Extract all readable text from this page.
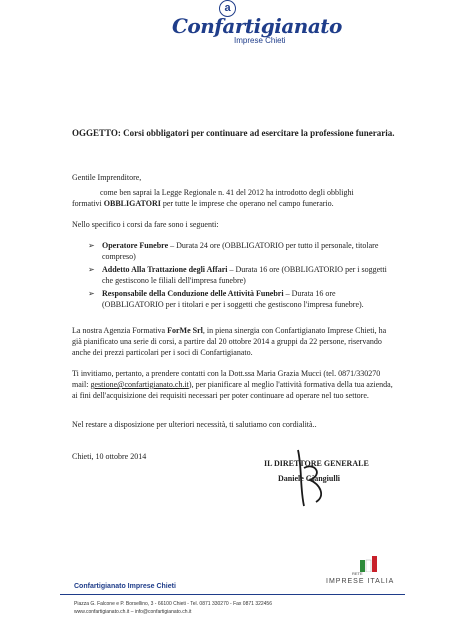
a
Confartigianato
Imprese Chieti
OGGETTO: Corsi obbligatori per continuare ad esercitare la professione funeraria.
Gentile Imprenditore,
come ben saprai la Legge Regionale n. 41 del 2012 ha introdotto degli obblighi
formativi OBBLIGATORI per tutte le imprese che operano nel campo funerario.
Nello specifico i corsi da fare sono i seguenti:
➢ Operatore Funebre – Durata 24 ore (OBBLIGATORIO per tutto il personale, titolare compreso)
➢ Addetto Alla Trattazione degli Affari – Durata 16 ore (OBBLIGATORIO per i soggetti che gestiscono le filiali dell'impresa funebre)
➢ Responsabile della Conduzione delle Attività Funebri – Durata 16 ore (OBBLIGATORIO per i titolari e per i soggetti che gestiscono l'impresa funebre).
La nostra Agenzia Formativa ForMe Srl, in piena sinergia con Confartigianato Imprese Chieti, ha già pianificato una serie di corsi, a partire dal 20 ottobre 2014 a gruppi da 22 persone, riservando anche dei prezzi particolari per i soci di Confartigianato.
Ti invitiamo, pertanto, a prendere contatti con la Dott.ssa Maria Grazia Mucci (tel. 0871/330270 mail: gestione@confartigianato.ch.it), per pianificare al meglio l'attività formativa della tua azienda, ai fini dell'acquisizione dei requisiti necessari per poter continuare ad operare nel tuo settore.
Nel restare a disposizione per ulteriori necessità, ti salutiamo con cordialità..
Chieti, 10 ottobre 2014
IL DIRETTORE GENERALE
Daniele Giangiulli
RETE
IMPRESE ITALIA
Confartigianato Imprese Chieti
Piazza G. Falcone e P. Borsellino, 3 - 66100 Chieti - Tel. 0871 330270 - Fax 0871 322456
www.confartigianato.ch.it – info@confartigianato.ch.it
